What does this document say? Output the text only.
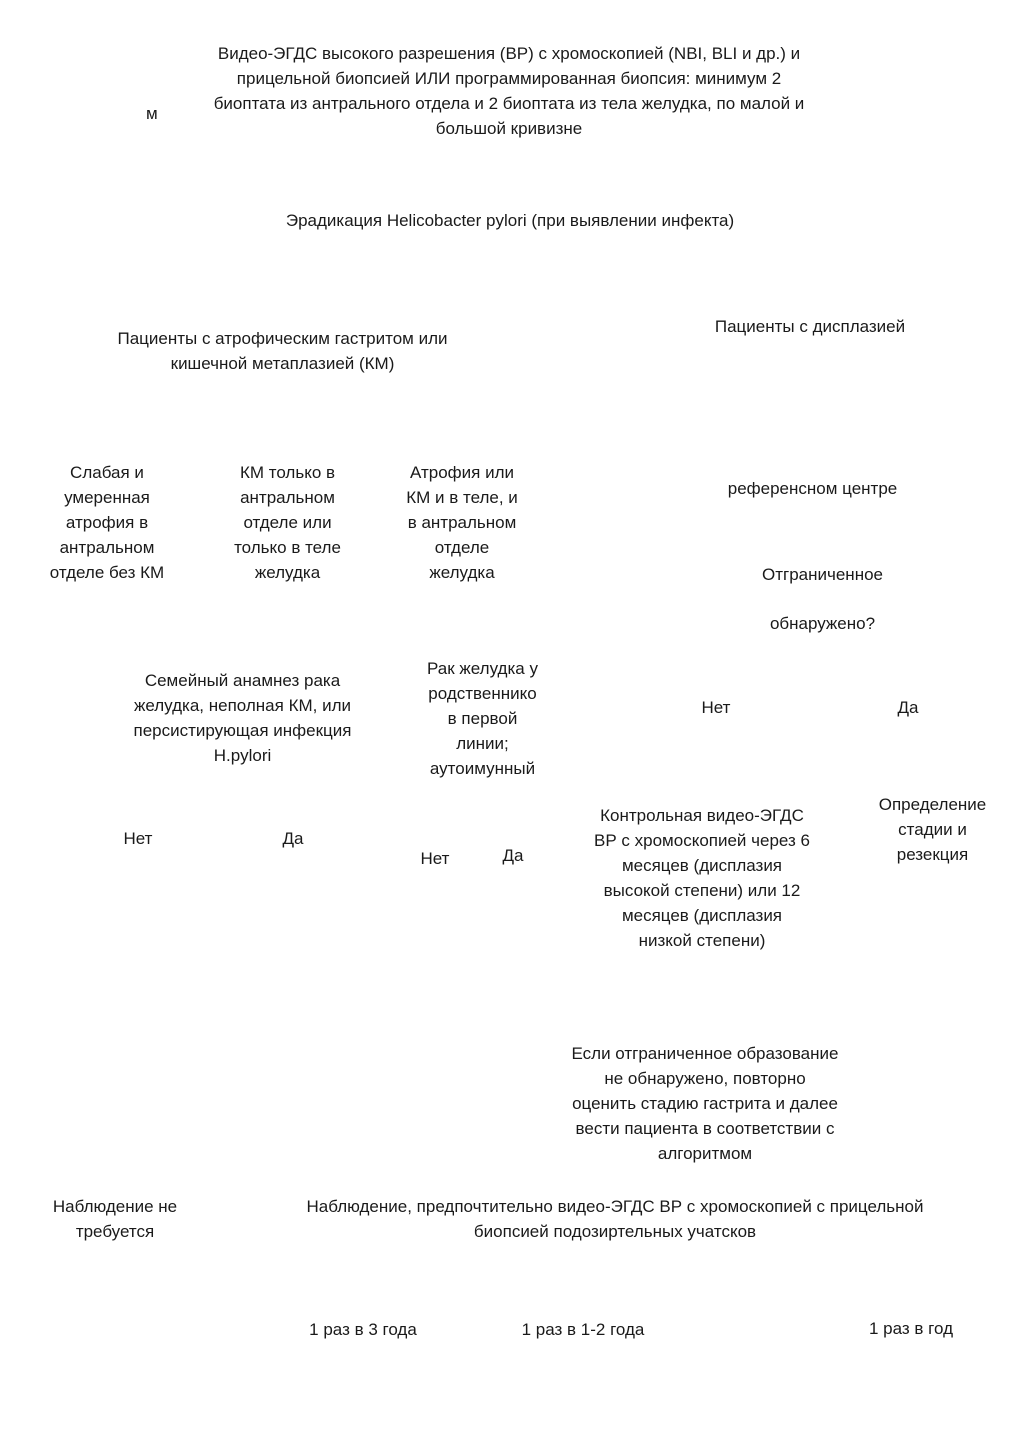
м
Видео-ЭГДС высокого разрешения (ВР) с хромоскопией (NBI, BLI и др.) и
прицельной биопсией ИЛИ программированная биопсия: минимум 2
биоптата из антрального отдела и 2 биоптата из тела желудка, по малой и
большой кривизне
Эрадикация Helicobacter pylori (при выявлении инфекта)
Пациенты с атрофическим гастритом или
кишечной метаплазией (КМ)
Пациенты с дисплазией
Слабая и
умеренная
атрофия в
антральном
отделе без КМ
КМ только в
антральном
отделе или
только в теле
желудка
Атрофия или
КМ и в теле, и
в антральном
отделе
желудка
референсном центре
Отграниченное
обнаружено?
Семейный анамнез рака
желудка, неполная КМ, или
персистирующая инфекция
H.pylori
Рак желудка у
родственнико
в первой
линии;
аутоимунный
Нет	Да
Нет	Да
Нет	Да
Контрольная видео-ЭГДС
ВР с хромоскопией через 6
месяцев (дисплазия
высокой степени) или 12
месяцев (дисплазия
низкой степени)
Определение
стадии и
резекция
Если отграниченное образование
не обнаружено, повторно
оценить стадию гастрита и далее
вести пациента в соответствии с
алгоритмом
Наблюдение не
требуется
Наблюдение, предпочтительно видео-ЭГДС ВР с хромоскопией с прицельной
биопсией подозиртельных учатсков
1 раз в 3 года	1 раз в 1-2 года	1 раз в год
